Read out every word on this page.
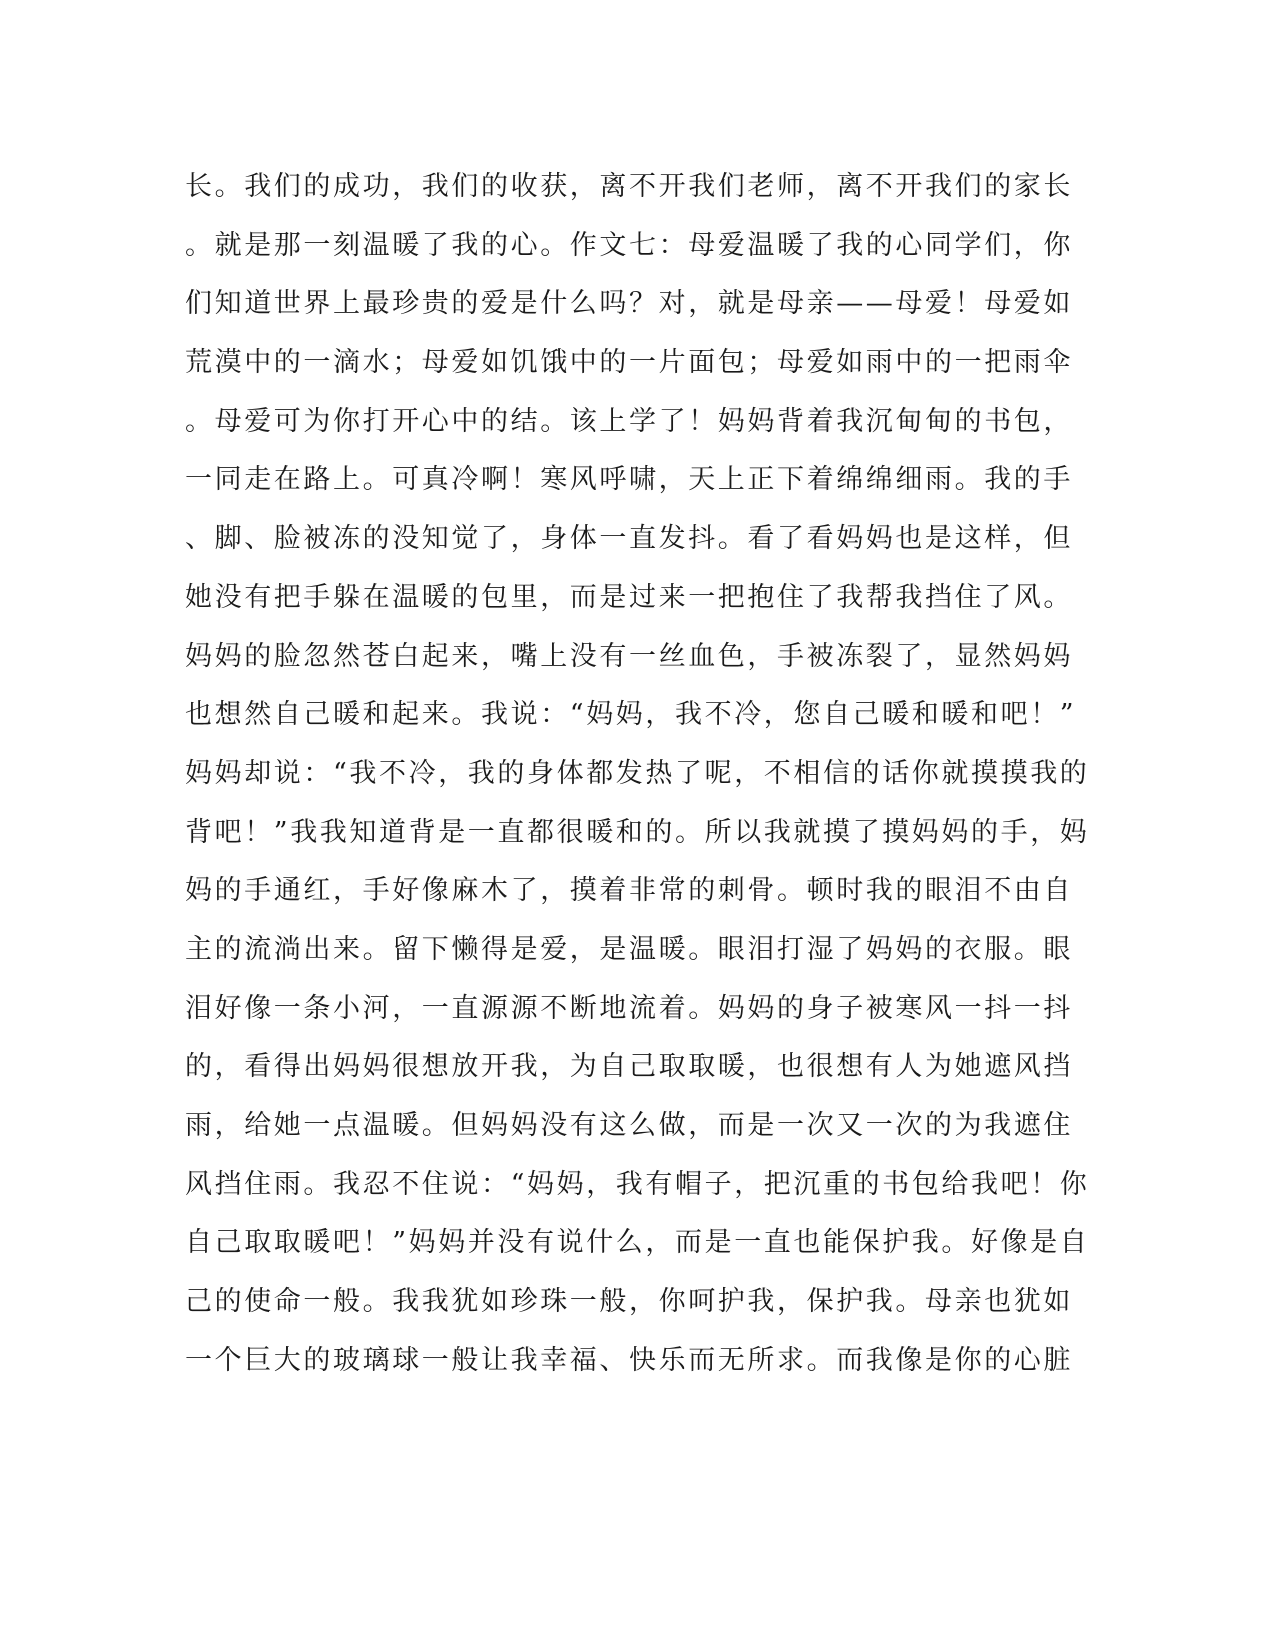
长。我们的成功，我们的收获，离不开我们老师，离不开我们的家长
。就是那一刻温暖了我的心。作文七：母爱温暖了我的心同学们，你
们知道世界上最珍贵的爱是什么吗？对，就是母亲——母爱！母爱如
荒漠中的一滴水；母爱如饥饿中的一片面包；母爱如雨中的一把雨伞
。母爱可为你打开心中的结。该上学了！妈妈背着我沉甸甸的书包，
一同走在路上。可真冷啊！寒风呼啸，天上正下着绵绵细雨。我的手
、脚、脸被冻的没知觉了，身体一直发抖。看了看妈妈也是这样，但
她没有把手躲在温暖的包里，而是过来一把抱住了我帮我挡住了风。
妈妈的脸忽然苍白起来，嘴上没有一丝血色，手被冻裂了，显然妈妈
也想然自己暖和起来。我说：“妈妈，我不冷，您自己暖和暖和吧！”
妈妈却说：“我不冷，我的身体都发热了呢，不相信的话你就摸摸我的
背吧！”我我知道背是一直都很暖和的。所以我就摸了摸妈妈的手，妈
妈的手通红，手好像麻木了，摸着非常的刺骨。顿时我的眼泪不由自
主的流淌出来。留下懒得是爱，是温暖。眼泪打湿了妈妈的衣服。眼
泪好像一条小河，一直源源不断地流着。妈妈的身子被寒风一抖一抖
的，看得出妈妈很想放开我，为自己取取暖，也很想有人为她遮风挡
雨，给她一点温暖。但妈妈没有这么做，而是一次又一次的为我遮住
风挡住雨。我忍不住说：“妈妈，我有帽子，把沉重的书包给我吧！你
自己取取暖吧！”妈妈并没有说什么，而是一直也能保护我。好像是自
己的使命一般。我我犹如珍珠一般，你呵护我，保护我。母亲也犹如
一个巨大的玻璃球一般让我幸福、快乐而无所求。而我像是你的心脏
